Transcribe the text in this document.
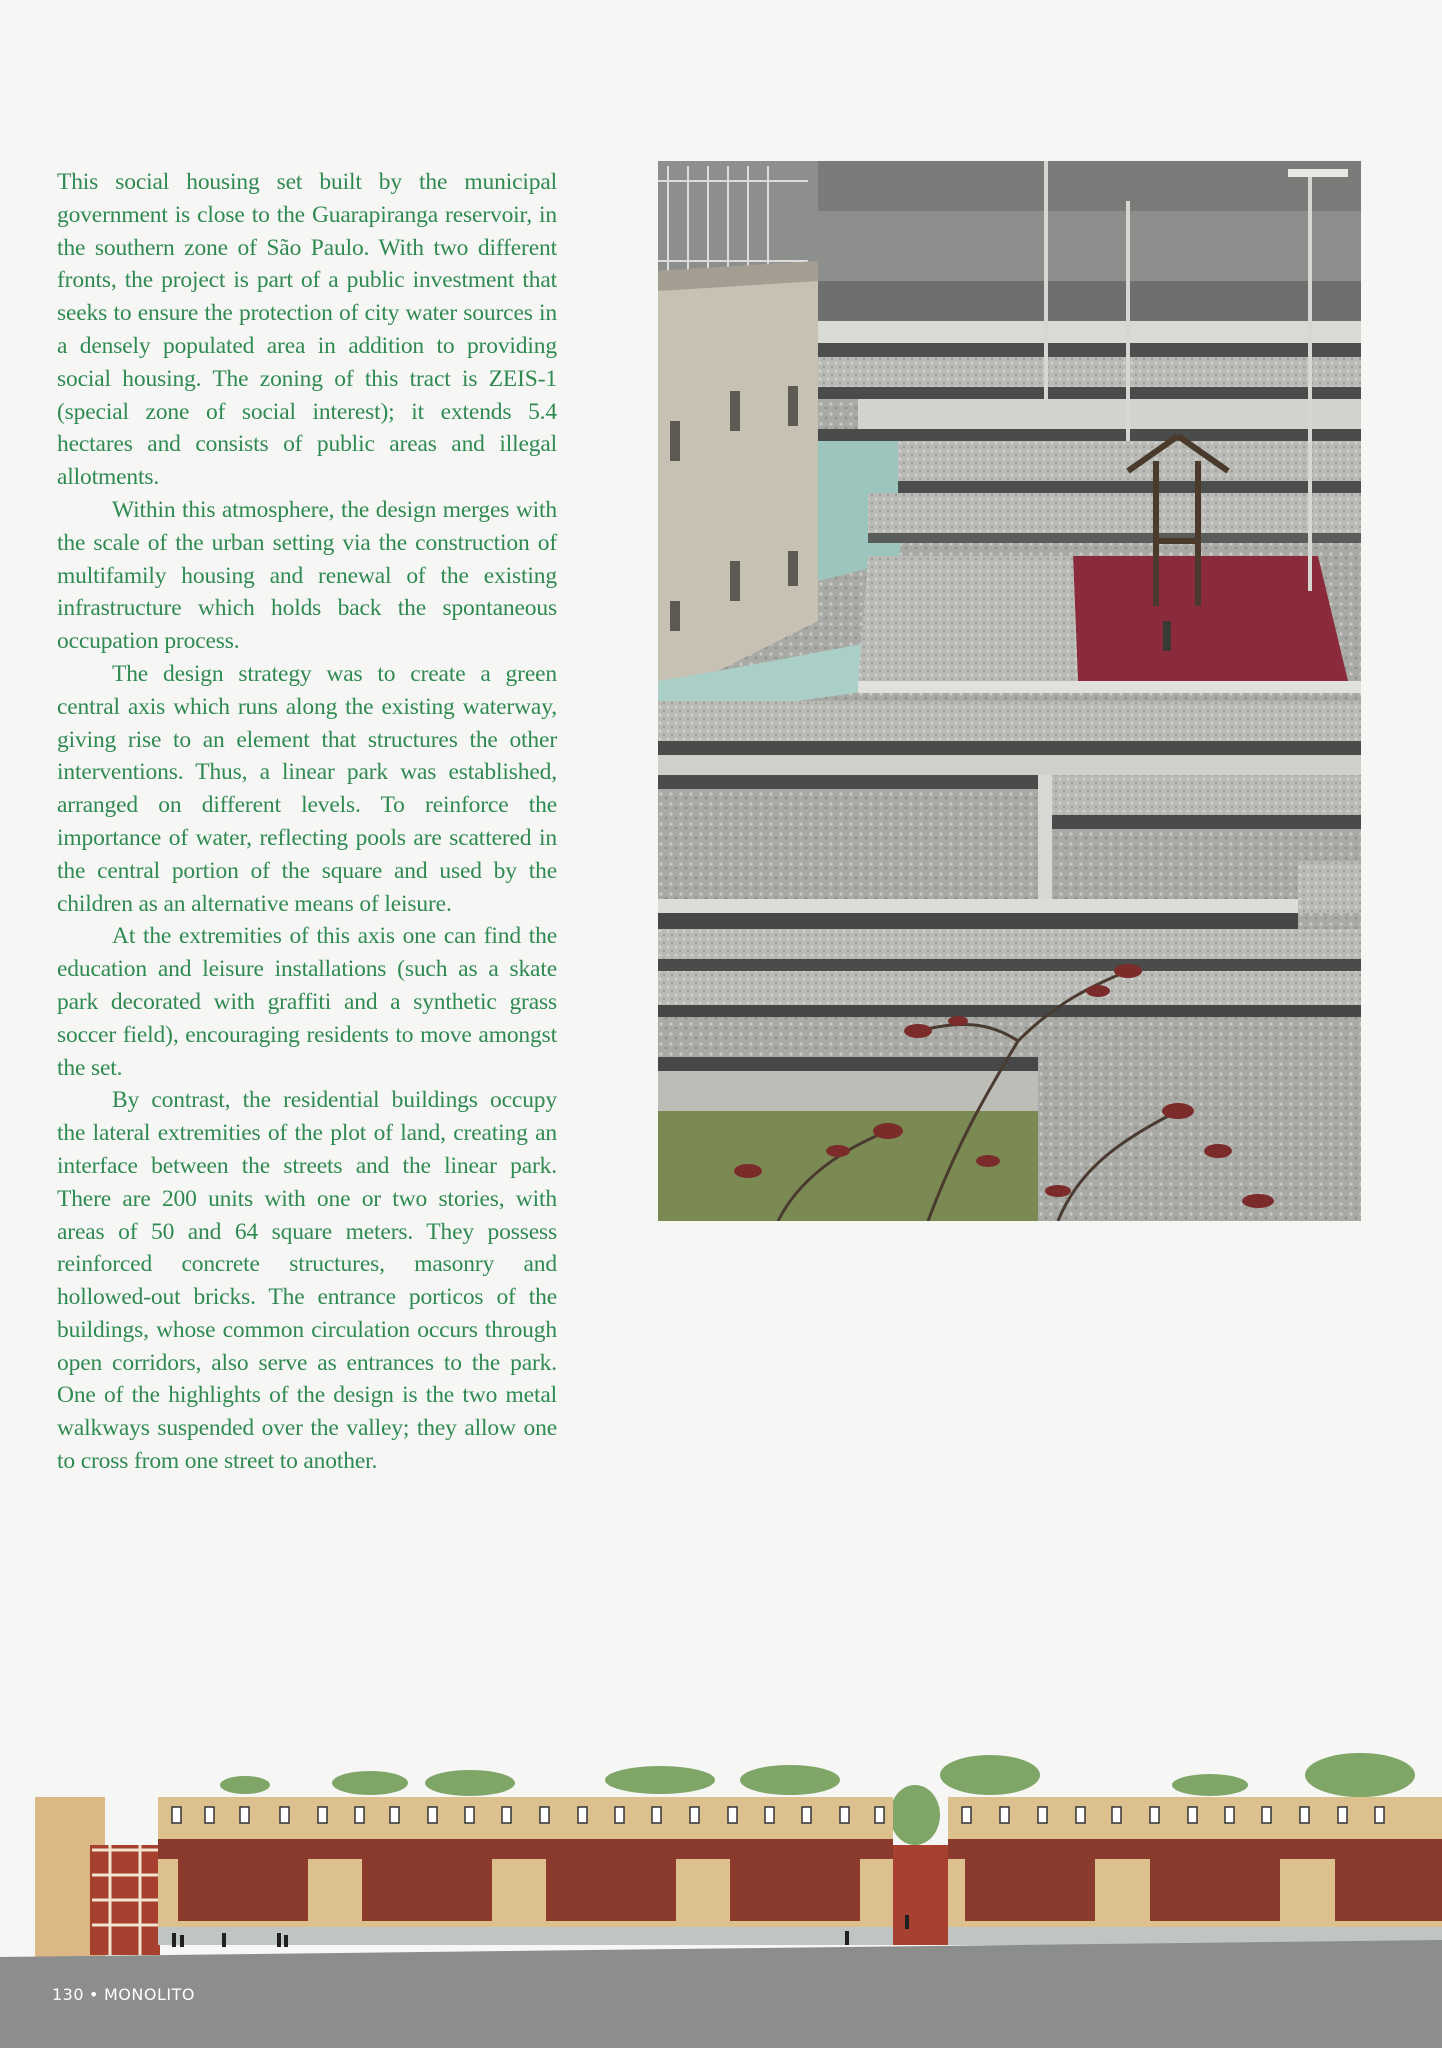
This social housing set built by the municipal government is close to the Guarapiranga reservoir, in the southern zone of São Paulo. With two different fronts, the project is part of a public investment that seeks to ensure the protection of city water sources in a densely populated area in addition to providing social housing. The zoning of this tract is ZEIS-1 (special zone of social interest); it extends 5.4 hectares and consists of public areas and illegal allotments.

Within this atmosphere, the design merges with the scale of the urban setting via the construction of multifamily housing and renewal of the existing infrastructure which holds back the spontaneous occupation process.

The design strategy was to create a green central axis which runs along the existing waterway, giving rise to an element that structures the other interventions. Thus, a linear park was established, arranged on different levels. To reinforce the importance of water, reflecting pools are scattered in the central portion of the square and used by the children as an alternative means of leisure.

At the extremities of this axis one can find the education and leisure installations (such as a skate park decorated with graffiti and a synthetic grass soccer field), encouraging residents to move amongst the set.

By contrast, the residential buildings occupy the lateral extremities of the plot of land, creating an interface between the streets and the linear park. There are 200 units with one or two stories, with areas of 50 and 64 square meters. They possess reinforced concrete structures, masonry and hollowed-out bricks. The entrance porticos of the buildings, whose common circulation occurs through open corridors, also serve as entrances to the park. One of the highlights of the design is the two metal walkways suspended over the valley; they allow one to cross from one street to another.

130 • MONOLITO
